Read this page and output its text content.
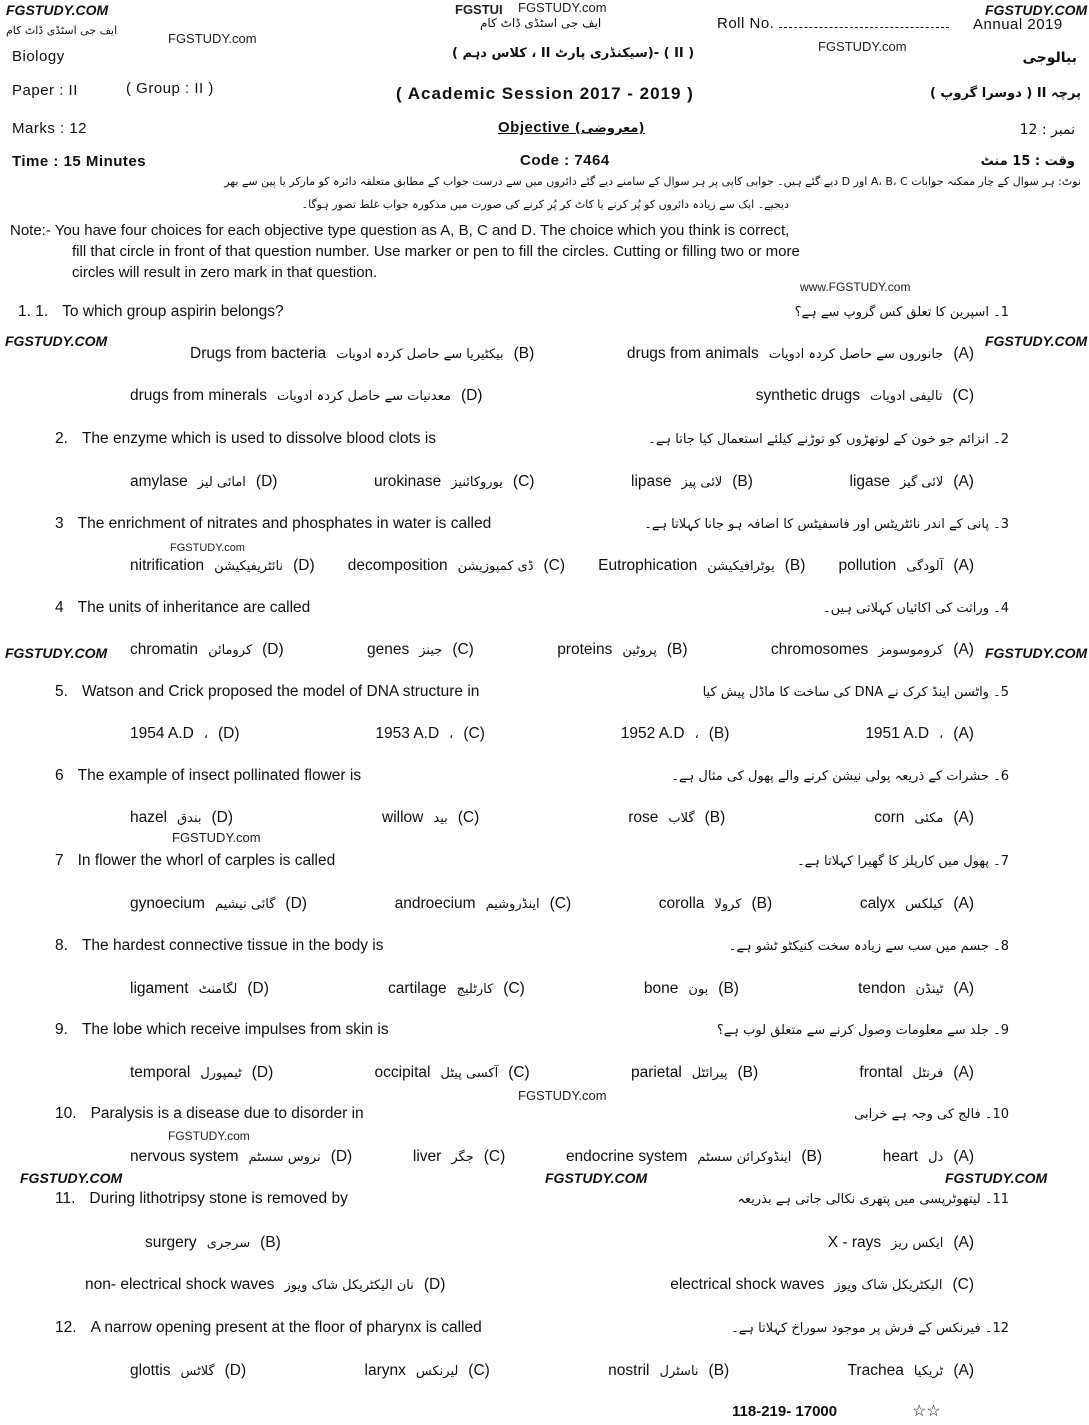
FGSTUDY.COM	FGSTUI FGSTUDY.com	FGSTUDY.COM
ایف جی اسٹڈی ڈاٹ کام
ایف جی اسٹڈی ڈاٹ کام
FGSTUDY.com
FGSTUDY.com
www.FGSTUDY.com
FGSTUDY.COM	FGSTUDY.COM
FGSTUDY.COM	FGSTUDY.COM
FGSTUDY.COM	FGSTUDY.COM	FGSTUDY.COM
FGSTUDY.com
FGSTUDY.com
FGSTUDY.com
FGSTUDY.com
Roll No.	Annual 2019
Biology	بیالوجی
( II ) -(سیکنڈری پارٹ II ، کلاس دہم )
Paper : II	( Group : II )	( Academic Session 2017 - 2019 )	پرچہ II ( دوسرا گروپ )
Marks : 12	Objective (معروضی)	نمبر : 12
Time : 15 Minutes	Code : 7464	وقت : 15 منٹ
نوٹ: ہر سوال کے چار ممکنہ جوابات A، B، C اور D دیے گئے ہیں۔ جوابی کاپی پر ہر سوال کے سامنے دیے گئے دائروں میں سے درست جواب کے مطابق متعلقہ دائرہ کو مارکر یا پین سے بھر
دیجیے۔ ایک سے زیادہ دائروں کو پُر کرنے یا کاٹ کر پُر کرنے کی صورت میں مذکورہ جواب غلط تصور ہوگا۔
Note:- You have four choices for each objective type question as A, B, C and D. The choice which you think is correct,
fill that circle in front of that question number. Use marker or pen to fill the circles. Cutting or filling two or more
circles will result in zero mark in that question.
1. 1. To which group aspirin belongs?	1۔ اسپرین کا تعلق کس گروپ سے ہے؟
drugs from animals جانوروں سے حاصل کردہ ادویات (A)
Drugs from bacteria بیکٹیریا سے حاصل کردہ ادویات (B)
synthetic drugs تالیفی ادویات (C)
drugs from minerals معدنیات سے حاصل کردہ ادویات (D)
2. The enzyme which is used to dissolve blood clots is	2۔ انزائم جو خون کے لوتھڑوں کو توڑنے کیلئے استعمال کیا جاتا ہے۔
ligase لائی گیز (A)
lipase لائی پیز (B)
urokinase یوروکائنیز (C)
amylase امائی لیز (D)
3 The enrichment of nitrates and phosphates in water is called	3۔ پانی کے اندر نائٹریٹس اور فاسفیٹس کا اضافہ ہو جانا کہلاتا ہے۔
pollution آلودگی (A)
Eutrophication یوٹرافیکیشن (B)
decomposition ڈی کمپوزیشن (C)
nitrification نائٹریفیکیشن (D)
4 The units of inheritance are called	4۔ وراثت کی اکائیاں کہلاتی ہیں۔
chromosomes کروموسومز (A)
proteins پروٹین (B)
genes جینز (C)
chromatin کرومائن (D)
5. Watson and Crick proposed the model of DNA structure in	5۔ واٹسن اینڈ کرک نے DNA کی ساخت کا ماڈل پیش کیا
1951 A.D ، (A)
1952 A.D ، (B)
1953 A.D ، (C)
1954 A.D ، (D)
6 The example of insect pollinated flower is	6۔ حشرات کے ذریعہ پولی نیشن کرنے والے پھول کی مثال ہے۔
corn مکئی (A)
rose گلاب (B)
willow بید (C)
hazel بندق (D)
7 In flower the whorl of carples is called	7۔ پھول میں کارپلز کا گھیرا کہلاتا ہے۔
calyx کیلکس (A)
corolla کرولا (B)
androecium اینڈروشیم (C)
gynoecium گائی نیشیم (D)
8. The hardest connective tissue in the body is	8۔ جسم میں سب سے زیادہ سخت کنیکٹو ٹشو ہے۔
tendon ٹینڈن (A)
bone بون (B)
cartilage کارٹلیج (C)
ligament لگامنٹ (D)
9. The lobe which receive impulses from skin is	9۔ جلد سے معلومات وصول کرنے سے متعلق لوب ہے؟
frontal فرنٹل (A)
parietal پیرائٹل (B)
occipital آکسی پیٹل (C)
temporal ٹیمپورل (D)
10. Paralysis is a disease due to disorder in	10۔ فالج کی وجہ ہے خرابی
heart دل (A)
endocrine system اینڈوکرائن سسٹم (B)
liver جگر (C)
nervous system نروس سسٹم (D)
11. During lithotripsy stone is removed by	11۔ لیتھوٹرپسی میں پتھری نکالی جاتی ہے بذریعہ
X - rays ایکس ریز (A)
surgery سرجری (B)
electrical shock waves الیکٹریکل شاک ویوز (C)
non- electrical shock waves نان الیکٹریکل شاک ویوز (D)
12. A narrow opening present at the floor of pharynx is called	12۔ فیرنکس کے فرش پر موجود سوراخ کہلاتا ہے۔
Trachea ٹریکیا (A)
nostril ناسٹرل (B)
larynx لیرنکس (C)
glottis گلاٹس (D)
118-219- 17000	☆☆
